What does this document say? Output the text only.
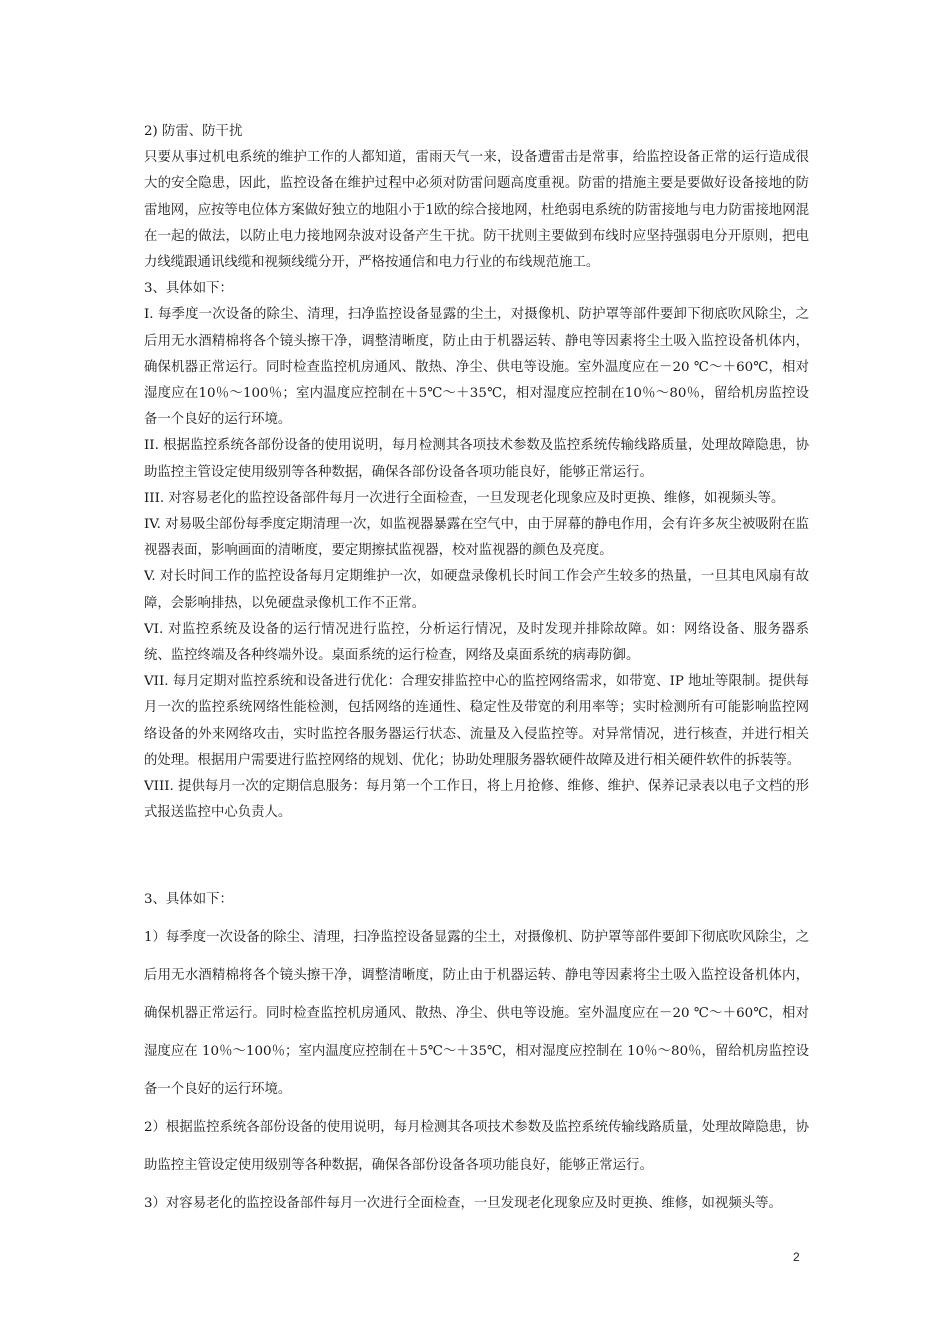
2) 防雷、防干扰

只要从事过机电系统的维护工作的人都知道，雷雨天气一来，设备遭雷击是常事，给监控设备正常的运行造成很大的安全隐患，因此，监控设备在维护过程中必须对防雷问题高度重视。防雷的措施主要是要做好设备接地的防雷地网，应按等电位体方案做好独立的地阻小于1欧的综合接地网，杜绝弱电系统的防雷接地与电力防雷接地网混在一起的做法，以防止电力接地网杂波对设备产生干扰。防干扰则主要做到布线时应坚持强弱电分开原则，把电力线缆跟通讯线缆和视频线缆分开，严格按通信和电力行业的布线规范施工。

3、具体如下：

I. 每季度一次设备的除尘、清理，扫净监控设备显露的尘土，对摄像机、防护罩等部件要卸下彻底吹风除尘，之后用无水酒精棉将各个镜头擦干净，调整清晰度，防止由于机器运转、静电等因素将尘土吸入监控设备机体内，确保机器正常运行。同时检查监控机房通风、散热、净尘、供电等设施。室外温度应在－20 ℃～＋60℃，相对湿度应在10％～100％；室内温度应控制在＋5℃～＋35℃，相对湿度应控制在10％～80％，留给机房监控设备一个良好的运行环境。

II. 根据监控系统各部份设备的使用说明，每月检测其各项技术参数及监控系统传输线路质量，处理故障隐患，协助监控主管设定使用级别等各种数据，确保各部份设备各项功能良好，能够正常运行。

III. 对容易老化的监控设备部件每月一次进行全面检查，一旦发现老化现象应及时更换、维修，如视频头等。

IV. 对易吸尘部份每季度定期清理一次，如监视器暴露在空气中，由于屏幕的静电作用，会有许多灰尘被吸附在监视器表面，影响画面的清晰度，要定期擦拭监视器，校对监视器的颜色及亮度。

V. 对长时间工作的监控设备每月定期维护一次，如硬盘录像机长时间工作会产生较多的热量，一旦其电风扇有故障，会影响排热，以免硬盘录像机工作不正常。

VI. 对监控系统及设备的运行情况进行监控，分析运行情况，及时发现并排除故障。如：网络设备、服务器系统、监控终端及各种终端外设。桌面系统的运行检查，网络及桌面系统的病毒防御。

VII. 每月定期对监控系统和设备进行优化：合理安排监控中心的监控网络需求，如带宽、IP 地址等限制。提供每月一次的监控系统网络性能检测，包括网络的连通性、稳定性及带宽的利用率等；实时检测所有可能影响监控网络设备的外来网络攻击，实时监控各服务器运行状态、流量及入侵监控等。对异常情况，进行核查，并进行相关的处理。根据用户需要进行监控网络的规划、优化；协助处理服务器软硬件故障及进行相关硬件软件的拆装等。

VIII. 提供每月一次的定期信息服务：每月第一个工作日，将上月抢修、维修、维护、保养记录表以电子文档的形式报送监控中心负责人。

3、具体如下：

1）每季度一次设备的除尘、清理，扫净监控设备显露的尘土，对摄像机、防护罩等部件要卸下彻底吹风除尘，之后用无水酒精棉将各个镜头擦干净，调整清晰度，防止由于机器运转、静电等因素将尘土吸入监控设备机体内，确保机器正常运行。同时检查监控机房通风、散热、净尘、供电等设施。室外温度应在－20 ℃～＋60℃，相对湿度应在 10％～100％；室内温度应控制在＋5℃～＋35℃，相对湿度应控制在 10％～80％，留给机房监控设备一个良好的运行环境。

2）根据监控系统各部份设备的使用说明，每月检测其各项技术参数及监控系统传输线路质量，处理故障隐患，协助监控主管设定使用级别等各种数据，确保各部份设备各项功能良好，能够正常运行。

3）对容易老化的监控设备部件每月一次进行全面检查，一旦发现老化现象应及时更换、维修，如视频头等。

2
